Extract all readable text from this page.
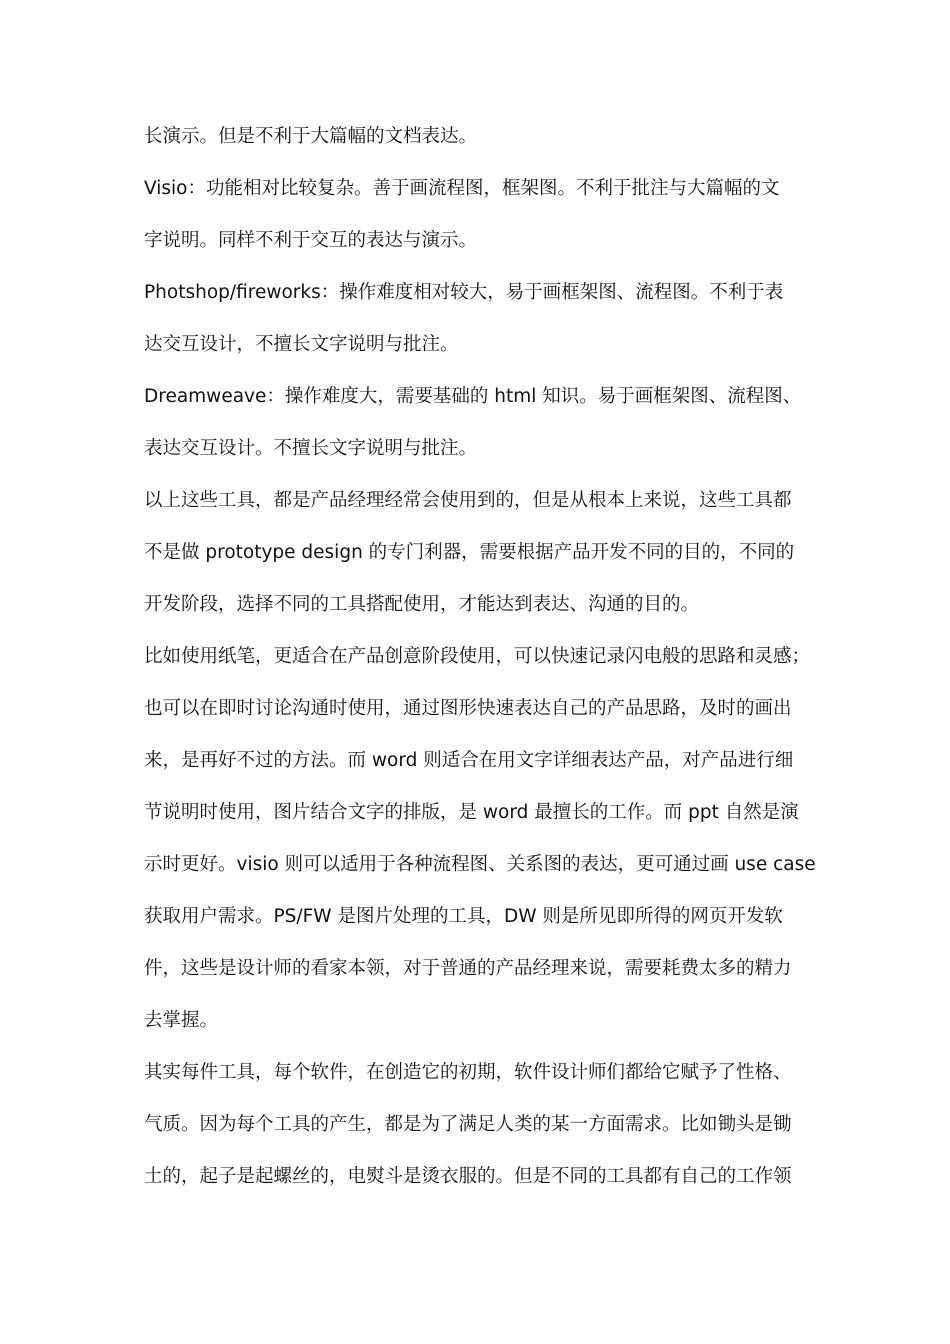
长演示。但是不利于大篇幅的文档表达。
Visio：功能相对比较复杂。善于画流程图，框架图。不利于批注与大篇幅的文
字说明。同样不利于交互的表达与演示。
Photshop/fireworks：操作难度相对较大，易于画框架图、流程图。不利于表
达交互设计，不擅长文字说明与批注。
Dreamweave：操作难度大，需要基础的 html 知识。易于画框架图、流程图、
表达交互设计。不擅长文字说明与批注。
以上这些工具，都是产品经理经常会使用到的，但是从根本上来说，这些工具都
不是做 prototype design 的专门利器，需要根据产品开发不同的目的，不同的
开发阶段，选择不同的工具搭配使用，才能达到表达、沟通的目的。
比如使用纸笔，更适合在产品创意阶段使用，可以快速记录闪电般的思路和灵感；
也可以在即时讨论沟通时使用，通过图形快速表达自己的产品思路，及时的画出
来，是再好不过的方法。而 word 则适合在用文字详细表达产品，对产品进行细
节说明时使用，图片结合文字的排版，是 word 最擅长的工作。而 ppt 自然是演
示时更好。visio 则可以适用于各种流程图、关系图的表达，更可通过画 use case
获取用户需求。PS/FW 是图片处理的工具，DW 则是所见即所得的网页开发软
件，这些是设计师的看家本领，对于普通的产品经理来说，需要耗费太多的精力
去掌握。
其实每件工具，每个软件，在创造它的初期，软件设计师们都给它赋予了性格、
气质。因为每个工具的产生，都是为了满足人类的某一方面需求。比如锄头是锄
土的，起子是起螺丝的，电熨斗是烫衣服的。但是不同的工具都有自己的工作领
